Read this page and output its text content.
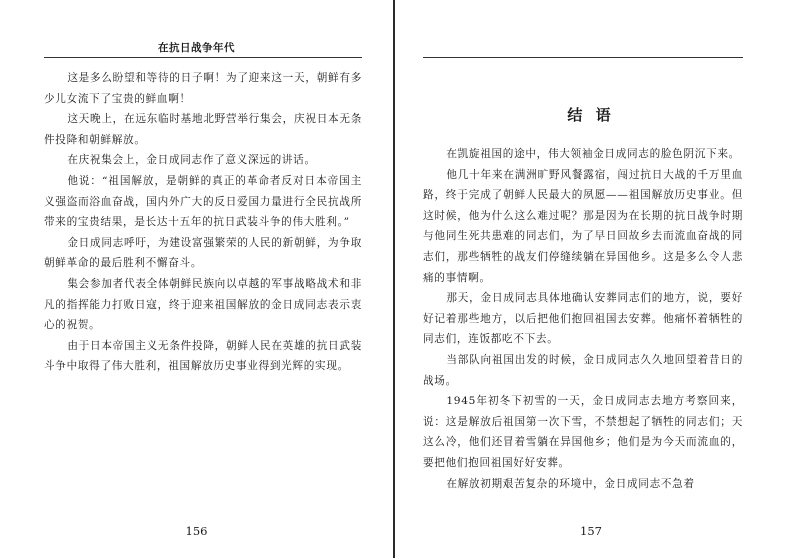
在抗日战争年代

这是多么盼望和等待的日子啊！为了迎来这一天，朝鲜有多少儿女流下了宝贵的鲜血啊！

这天晚上，在远东临时基地北野营举行集会，庆祝日本无条件投降和朝鲜解放。

在庆祝集会上，金日成同志作了意义深远的讲话。

他说：“祖国解放，是朝鲜的真正的革命者反对日本帝国主义强盗而浴血奋战，国内外广大的反日爱国力量进行全民抗战所带来的宝贵结果，是长达十五年的抗日武装斗争的伟大胜利。”

金日成同志呼吁，为建设富强繁荣的人民的新朝鲜，为争取朝鲜革命的最后胜利不懈奋斗。

集会参加者代表全体朝鲜民族向以卓越的军事战略战术和非凡的指挥能力打败日寇，终于迎来祖国解放的金日成同志表示衷心的祝贺。

由于日本帝国主义无条件投降，朝鲜人民在英雄的抗日武装斗争中取得了伟大胜利，祖国解放历史事业得到光辉的实现。

156
结 语

在凯旋祖国的途中，伟大领袖金日成同志的脸色阴沉下来。

他几十年来在满洲旷野风餐露宿，闯过抗日大战的千万里血路，终于完成了朝鲜人民最大的夙愿——祖国解放历史事业。但这时候，他为什么这么难过呢？那是因为在长期的抗日战争时期与他同生死共患难的同志们，为了早日回故乡去而流血奋战的同志们，那些牺牲的战友们停缝续躺在异国他乡。这是多么令人悲痛的事情啊。

那天，金日成同志具体地确认安葬同志们的地方，说，要好好记着那些地方，以后把他们抱回祖国去安葬。他痛怀着牺牲的同志们，连饭都吃不下去。

当部队向祖国出发的时候，金日成同志久久地回望着昔日的战场。

1945年初冬下初雪的一天，金日成同志去地方考察回来，说：这是解放后祖国第一次下雪，不禁想起了牺牲的同志们；天这么冷，他们还冒着雪躺在异国他乡；他们是为今天而流血的，要把他们抱回祖国好好安葬。

在解放初期艰苦复杂的环境中，金日成同志不急着

157
